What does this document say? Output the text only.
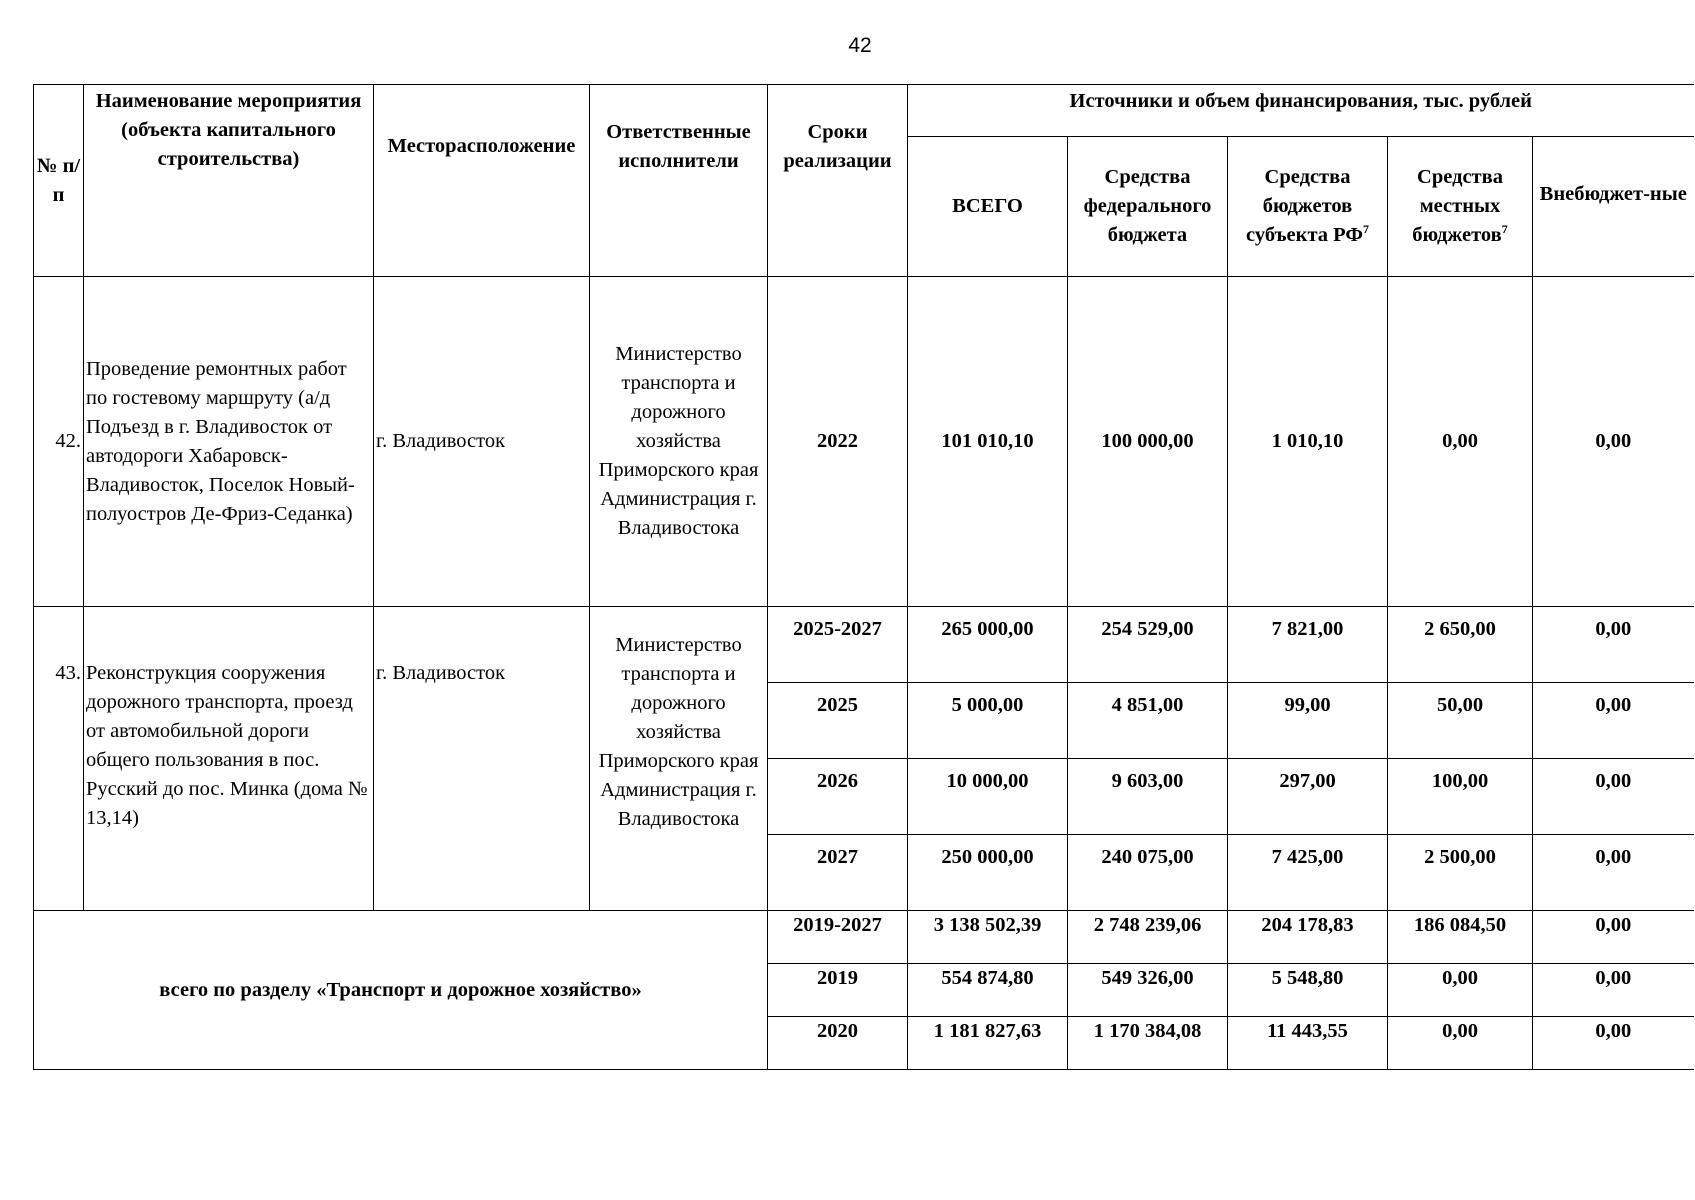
42
№ п/п	Наименование мероприятия (объекта капитального строительства)	Месторасположение	Ответственные исполнители	Сроки реализации	Источники и объем финансирования, тыс. рублей				
					ВСЕГО	Средства федерального бюджета	Средства бюджетов субъекта $РФ^7$	Средства местных бюджетов$^7$	Внебюджет-ные
42.	Проведение ремонтных работ по гостевому маршруту (а/д Подъезд в г. Владивосток от автодороги Хабаровск-Владивосток, Поселок Новый-полуостров Де-Фриз-Седанка)	г. Владивосток	Министерство транспорта и дорожного хозяйства Приморского края Администрация г. Владивостока	2022	101 010,10	100 000,00	1 010,10	0,00	0,00
43.	Реконструкция сооружения дорожного транспорта, проезд от автомобильной дороги общего пользования в пос. Русский до пос. Минка (дома № 13,14)	г. Владивосток	Министерство транспорта и дорожного хозяйства Приморского края Администрация г. Владивостока	2025-2027	265 000,00	254 529,00	7 821,00	2 650,00	0,00
				2025	5 000,00	4 851,00	99,00	50,00	0,00
				2026	10 000,00	9 603,00	297,00	100,00	0,00
				2027	250 000,00	240 075,00	7 425,00	2 500,00	0,00
всего по разделу «Транспорт и дорожное хозяйство»				2019-2027	3 138 502,39	2 748 239,06	204 178,83	186 084,50	0,00
				2019	554 874,80	549 326,00	5 548,80	0,00	0,00
				2020	1 181 827,63	1 170 384,08	11 443,55	0,00	0,00
